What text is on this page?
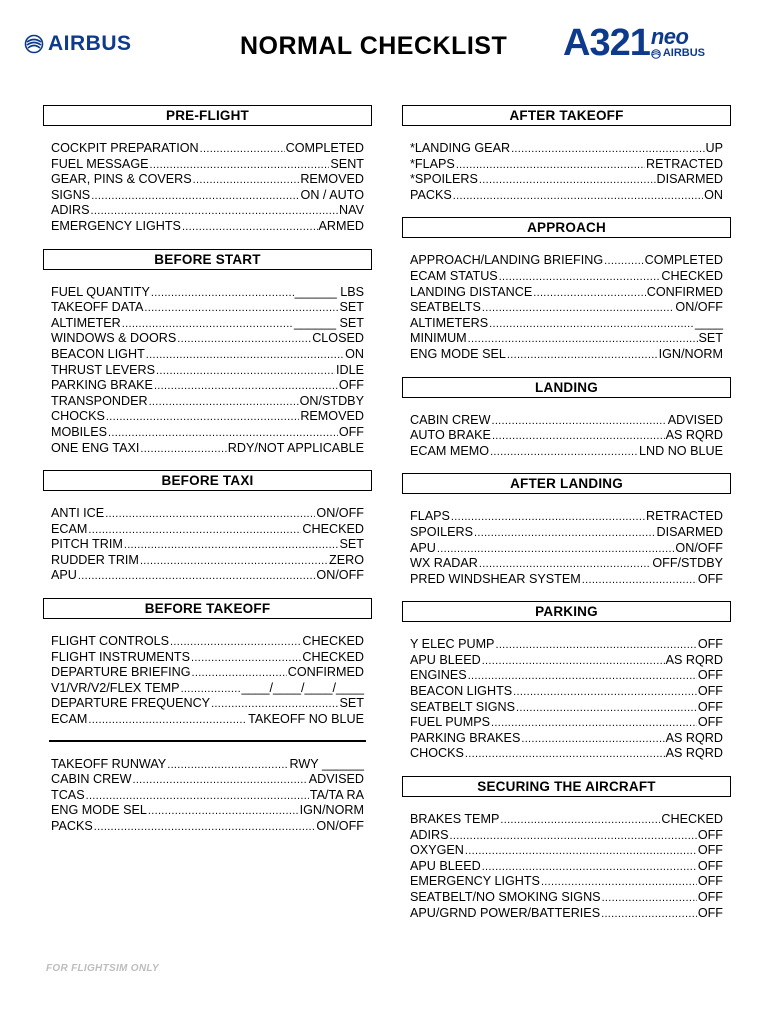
AIRBUS	NORMAL CHECKLIST	A321 neo
AIRBUS
PRE-FLIGHT
COCKPIT PREPARATION .....	COMPLETED
FUEL MESSAGE .....	SENT
GEAR, PINS & COVERS .....	REMOVED
SIGNS .....	ON / AUTO
ADIRS .....	NAV
EMERGENCY LIGHTS .....	ARMED
BEFORE START
FUEL QUANTITY .....	______ LBS
TAKEOFF DATA .....	SET
ALTIMETER .....	______ SET
WINDOWS & DOORS .....	CLOSED
BEACON LIGHT .....	ON
THRUST LEVERS .....	IDLE
PARKING BRAKE .....	OFF
TRANSPONDER .....	ON/STDBY
CHOCKS .....	REMOVED
MOBILES .....	OFF
ONE ENG TAXI .....	RDY/NOT APPLICABLE
BEFORE TAXI
ANTI ICE .....	ON/OFF
ECAM .....	CHECKED
PITCH TRIM .....	SET
RUDDER TRIM .....	ZERO
APU .....	ON/OFF
BEFORE TAKEOFF
FLIGHT CONTROLS .....	CHECKED
FLIGHT INSTRUMENTS .....	CHECKED
DEPARTURE BRIEFING .....	CONFIRMED
V1/VR/V2/FLEX TEMP .....	____/____/____/____
DEPARTURE FREQUENCY .....	SET
ECAM .....	TAKEOFF NO BLUE
TAKEOFF RUNWAY .....	RWY ______
CABIN CREW .....	ADVISED
TCAS .....	TA/TA RA
ENG MODE SEL .....	IGN/NORM
PACKS .....	ON/OFF
AFTER TAKEOFF
*LANDING GEAR .....	UP
*FLAPS .....	RETRACTED
*SPOILERS .....	DISARMED
PACKS .....	ON
APPROACH
APPROACH/LANDING BRIEFING .....	COMPLETED
ECAM STATUS .....	CHECKED
LANDING DISTANCE .....	CONFIRMED
SEATBELTS .....	ON/OFF
ALTIMETERS .....	____
MINIMUM .....	SET
ENG MODE SEL .....	IGN/NORM
LANDING
CABIN CREW .....	ADVISED
AUTO BRAKE .....	AS RQRD
ECAM MEMO .....	LND NO BLUE
AFTER LANDING
FLAPS .....	RETRACTED
SPOILERS .....	DISARMED
APU .....	ON/OFF
WX RADAR .....	OFF/STDBY
PRED WINDSHEAR SYSTEM .....	OFF
PARKING
Y ELEC PUMP .....	OFF
APU BLEED .....	AS RQRD
ENGINES .....	OFF
BEACON LIGHTS .....	OFF
SEATBELT SIGNS .....	OFF
FUEL PUMPS .....	OFF
PARKING BRAKES .....	AS RQRD
CHOCKS .....	AS RQRD
SECURING THE AIRCRAFT
BRAKES TEMP .....	CHECKED
ADIRS .....	OFF
OXYGEN .....	OFF
APU BLEED .....	OFF
EMERGENCY LIGHTS .....	OFF
SEATBELT/NO SMOKING SIGNS .....	OFF
APU/GRND POWER/BATTERIES .....	OFF
FOR FLIGHTSIM ONLY
